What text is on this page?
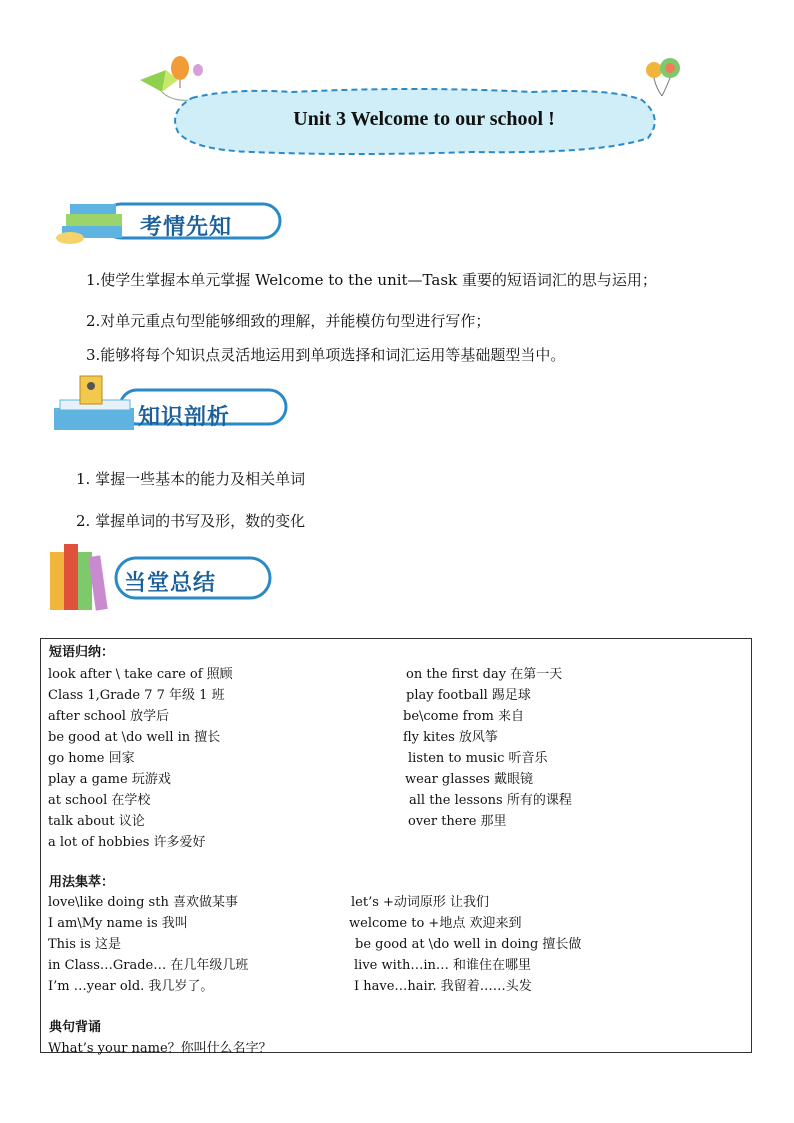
Unit 3 Welcome to our school !
考情先知
1.使学生掌握本单元掌握 Welcome to the unit—Task 重要的短语词汇的思与运用；
2.对单元重点句型能够细致的理解，并能模仿句型进行写作；
3.能够将每个知识点灵活地运用到单项选择和词汇运用等基础题型当中。
知识剖析
1. 掌握一些基本的能力及相关单词
2. 掌握单词的书写及形，数的变化
当堂总结
短语归纳：
look after \ take care of 照顾
Class 1,Grade 7 7 年级 1 班
after school 放学后
be good at \do well in 擅长
go home 回家
play a game 玩游戏
at school 在学校
talk about 议论
a lot of hobbies 许多爱好
on the first day 在第一天
play football 踢足球
be\come from 来自
fly kites 放风筝
listen to music 听音乐
wear glasses 戴眼镜
all the lessons 所有的课程
over there 那里
用法集萃：
love\like doing sth 喜欢做某事
I am\My name is 我叫
This is 这是
in Class…Grade… 在几年级几班
I’m …year old. 我几岁了。
let’s +动词原形 让我们
welcome to +地点 欢迎来到
be good at \do well in doing 擅长做
live with…in… 和谁住在哪里
I have…hair. 我留着……头发
典句背诵
What’s your name？你叫什么名字？
